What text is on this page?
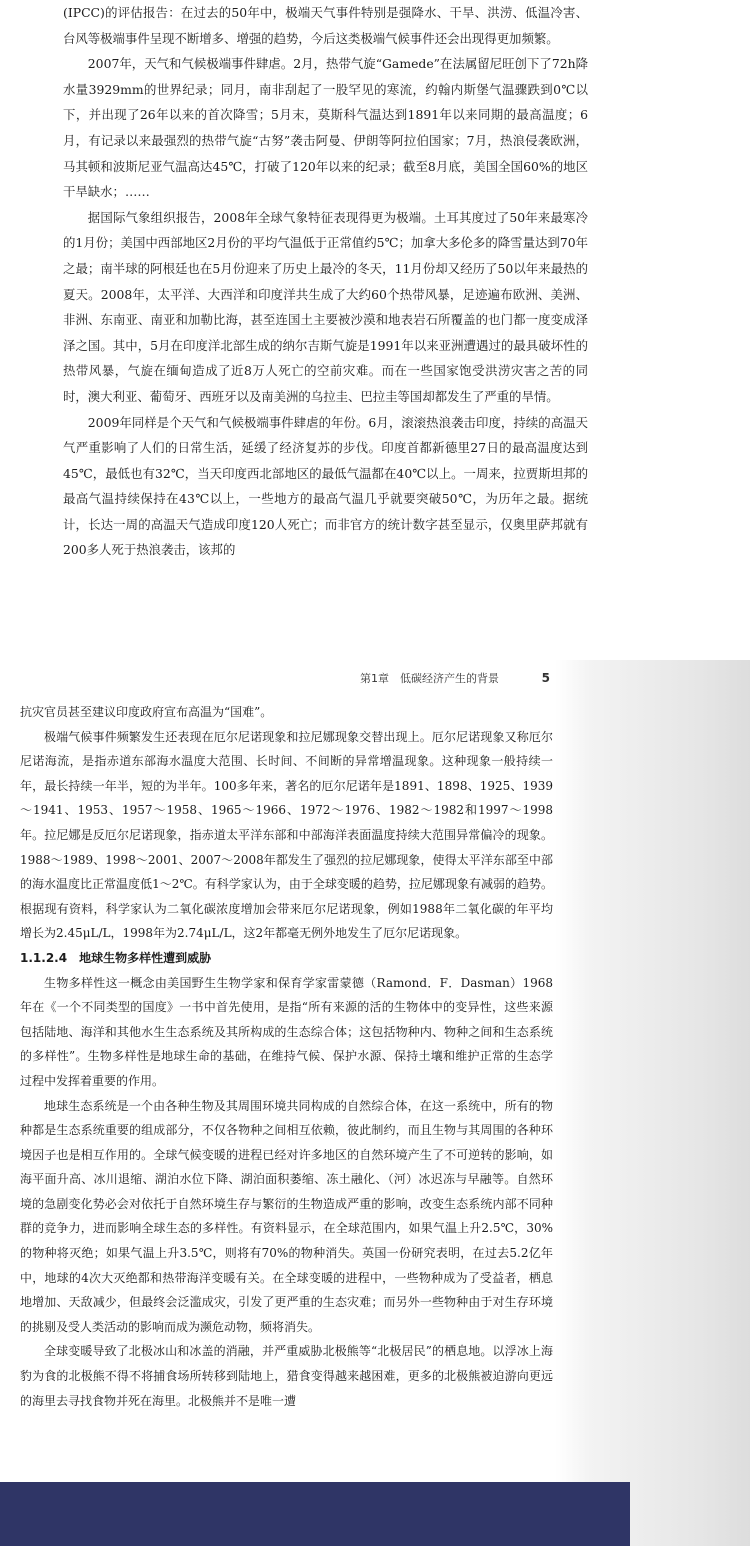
(IPCC)的评估报告：在过去的50年中，极端天气事件特别是强降水、干旱、洪涝、低温冷害、台风等极端事件呈现不断增多、增强的趋势，今后这类极端气候事件还会出现得更加频繁。

2007年，天气和气候极端事件肆虐。2月，热带气旋“Gamede”在法属留尼旺创下了72h降水量3929mm的世界纪录；同月，南非刮起了一股罕见的寒流，约翰内斯堡气温骤跌到0℃以下，并出现了26年以来的首次降雪；5月末，莫斯科气温达到1891年以来同期的最高温度；6月，有记录以来最强烈的热带气旋“古努”袭击阿曼、伊朗等阿拉伯国家；7月，热浪侵袭欧洲，马其顿和波斯尼亚气温高达45℃，打破了120年以来的纪录；截至8月底，美国全国60%的地区干旱缺水；……

据国际气象组织报告，2008年全球气象特征表现得更为极端。土耳其度过了50年来最寒冷的1月份；美国中西部地区2月份的平均气温低于正常值约5℃；加拿大多伦多的降雪量达到70年之最；南半球的阿根廷也在5月份迎来了历史上最冷的冬天，11月份却又经历了50以年来最热的夏天。2008年，太平洋、大西洋和印度洋共生成了大约60个热带风暴，足迹遍布欧洲、美洲、非洲、东南亚、南亚和加勒比海，甚至连国土主要被沙漠和地表岩石所覆盖的也门都一度变成泽泽之国。其中，5月在印度洋北部生成的纳尔吉斯气旋是1991年以来亚洲遭遇过的最具破坏性的热带风暴，气旋在缅甸造成了近8万人死亡的空前灾难。而在一些国家饱受洪涝灾害之苦的同时，澳大利亚、葡萄牙、西班牙以及南美洲的乌拉圭、巴拉圭等国却都发生了严重的旱情。

2009年同样是个天气和气候极端事件肆虐的年份。6月，滚滚热浪袭击印度，持续的高温天气严重影响了人们的日常生活，延缓了经济复苏的步伐。印度首都新德里27日的最高温度达到45℃，最低也有32℃，当天印度西北部地区的最低气温都在40℃以上。一周来，拉贾斯坦邦的最高气温持续保持在43℃以上，一些地方的最高气温几乎就要突破50℃，为历年之最。据统计，长达一周的高温天气造成印度120人死亡；而非官方的统计数字甚至显示，仅奥里萨邦就有200多人死于热浪袭击，该邦的

抗灾官员甚至建议印度政府宣布高温为“国难”。

极端气候事件频繁发生还表现在厄尔尼诺现象和拉尼娜现象交替出现上。厄尔尼诺现象又称厄尔尼诺海流，是指赤道东部海水温度大范围、长时间、不间断的异常增温现象。这种现象一般持续一年，最长持续一年半，短的为半年。100多年来，著名的厄尔尼诺年是1891、1898、1925、1939～1941、1953、1957～1958、1965～1966、1972～1976、1982～1982和1997～1998年。拉尼娜是反厄尔尼诺现象，指赤道太平洋东部和中部海洋表面温度持续大范围异常偏冷的现象。1988～1989、1998～2001、2007～2008年都发生了强烈的拉尼娜现象，使得太平洋东部至中部的海水温度比正常温度低1～2℃。有科学家认为，由于全球变暖的趋势，拉尼娜现象有减弱的趋势。根据现有资料，科学家认为二氧化碳浓度增加会带来厄尔尼诺现象，例如1988年二氧化碳的年平均增长为2.45μL/L，1998年为2.74μL/L，这2年都毫无例外地发生了厄尔尼诺现象。

1.1.2.4　地球生物多样性遭到威胁

生物多样性这一概念由美国野生生物学家和保育学家雷蒙德（Ramond．F．Dasman）1968年在《一个不同类型的国度》一书中首先使用，是指“所有来源的活的生物体中的变异性，这些来源包括陆地、海洋和其他水生生态系统及其所构成的生态综合体；这包括物种内、物种之间和生态系统的多样性”。生物多样性是地球生命的基础，在维持气候、保护水源、保持土壤和维护正常的生态学过程中发挥着重要的作用。

地球生态系统是一个由各种生物及其周围环境共同构成的自然综合体，在这一系统中，所有的物种都是生态系统重要的组成部分，不仅各物种之间相互依赖，彼此制约，而且生物与其周围的各种环境因子也是相互作用的。全球气候变暖的进程已经对许多地区的自然环境产生了不可逆转的影响，如海平面升高、冰川退缩、湖泊水位下降、湖泊面积萎缩、冻土融化、（河）冰迟冻与早融等。自然环境的急剧变化势必会对依托于自然环境生存与繁衍的生物造成严重的影响，改变生态系统内部不同种群的竞争力，进而影响全球生态的多样性。有资料显示，在全球范围内，如果气温上升2.5℃，30%的物种将灭绝；如果气温上升3.5℃，则将有70%的物种消失。英国一份研究表明，在过去5.2亿年中，地球的4次大灭绝都和热带海洋变暖有关。在全球变暖的进程中，一些物种成为了受益者，栖息地增加、天敌减少，但最终会泛滥成灾，引发了更严重的生态灾难；而另外一些物种由于对生存环境的挑剔及受人类活动的影响而成为濒危动物，频将消失。

全球变暖导致了北极冰山和冰盖的消融，并严重威胁北极熊等“北极居民”的栖息地。以浮冰上海豹为食的北极熊不得不将捕食场所转移到陆地上，猎食变得越来越困难，更多的北极熊被迫游向更远的海里去寻找食物并死在海里。北极熊并不是唯一遭

第1章　低碳经济产生的背景	5
